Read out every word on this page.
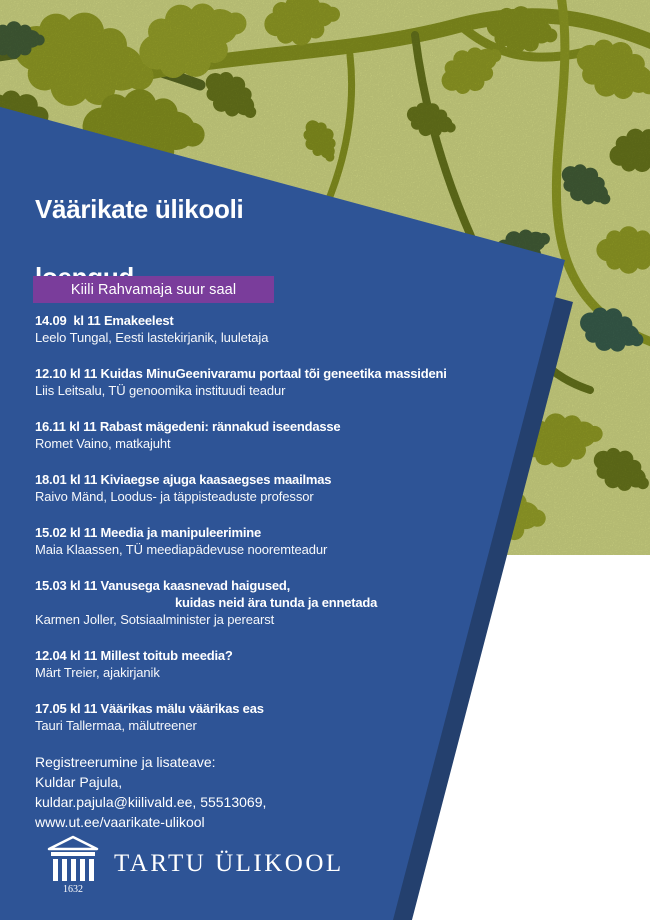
Väärikate ülikooli

Kiili Rahvamaja suur saal
14.09  kl 11 Emakeelest
Leelo Tungal, Eesti lastekirjanik, luuletaja
12.10 kl 11 Kuidas MinuGeenivaramu portaal tõi geneetika massideni
Liis Leitsalu, TÜ genoomika instituudi teadur
16.11 kl 11 Rabast mägedeni: rännakud iseendasse
Romet Vaino, matkajuht
18.01 kl 11 Kiviaegse ajuga kaasaegses maailmas
Raivo Mänd, Loodus- ja täppisteaduste professor
15.02 kl 11 Meedia ja manipuleerimine
Maia Klaassen, TÜ meediapädevuse nooremteadur
15.03 kl 11 Vanusega kaasnevad haigused,
kuidas neid ära tunda ja ennetada
Karmen Joller, Sotsiaalminister ja perearst
12.04 kl 11 Millest toitub meedia?
Märt Treier, ajakirjanik
17.05 kl 11 Väärikas mälu väärikas eas
Tauri Tallermaa, mälutreener
Registreerumine ja lisateave:
Kuldar Pajula,
kuldar.pajula@kiilivald.ee, 55513069,
www.ut.ee/vaarikate-ulikool
1632
TARTU ÜLIKOOL
